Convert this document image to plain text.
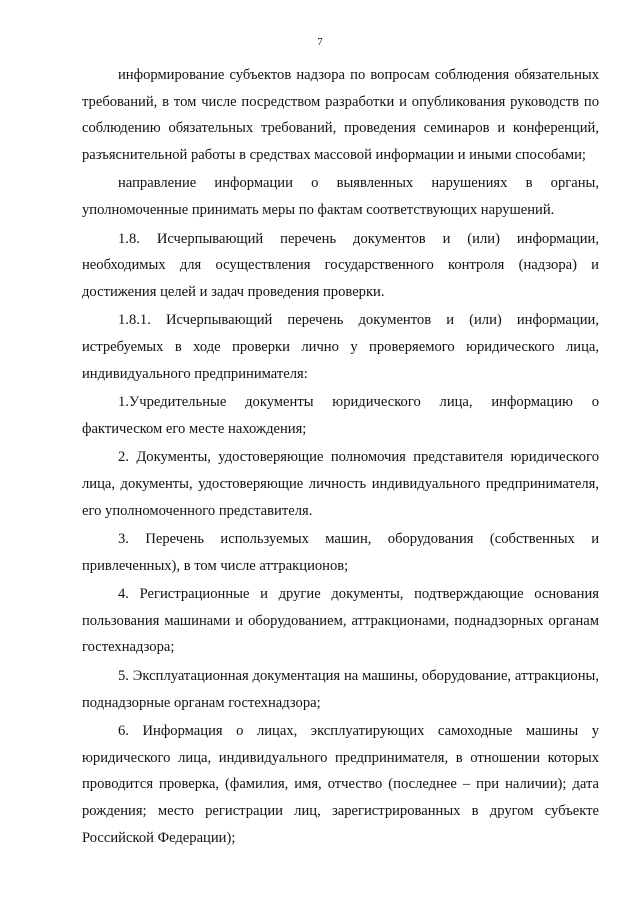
7

информирование субъектов надзора по вопросам соблюдения обязательных требований, в том числе посредством разработки и опубликования руководств по соблюдению обязательных требований, проведения семинаров и конференций, разъяснительной работы в средствах массовой информации и иными способами;

направление информации о выявленных нарушениях в органы, уполномоченные принимать меры по фактам соответствующих нарушений.

1.8. Исчерпывающий перечень документов и (или) информации, необходимых для осуществления государственного контроля (надзора) и достижения целей и задач проведения проверки.

1.8.1. Исчерпывающий перечень документов и (или) информации, истребуемых в ходе проверки лично у проверяемого юридического лица, индивидуального предпринимателя:

1.Учредительные документы юридического лица, информацию о фактическом его месте нахождения;

2. Документы, удостоверяющие полномочия представителя юридического лица, документы, удостоверяющие личность индивидуального предпринимателя, его уполномоченного представителя.

3. Перечень используемых машин, оборудования (собственных и привлеченных), в том числе аттракционов;

4. Регистрационные и другие документы, подтверждающие основания пользования машинами и оборудованием, аттракционами, поднадзорных органам гостехнадзора;

5. Эксплуатационная документация на машины, оборудование, аттракционы, поднадзорные органам гостехнадзора;

6. Информация о лицах, эксплуатирующих самоходные машины у юридического лица, индивидуального предпринимателя, в отношении которых проводится проверка, (фамилия, имя, отчество (последнее – при наличии); дата рождения; место регистрации лиц, зарегистрированных в другом субъекте Российской Федерации);
